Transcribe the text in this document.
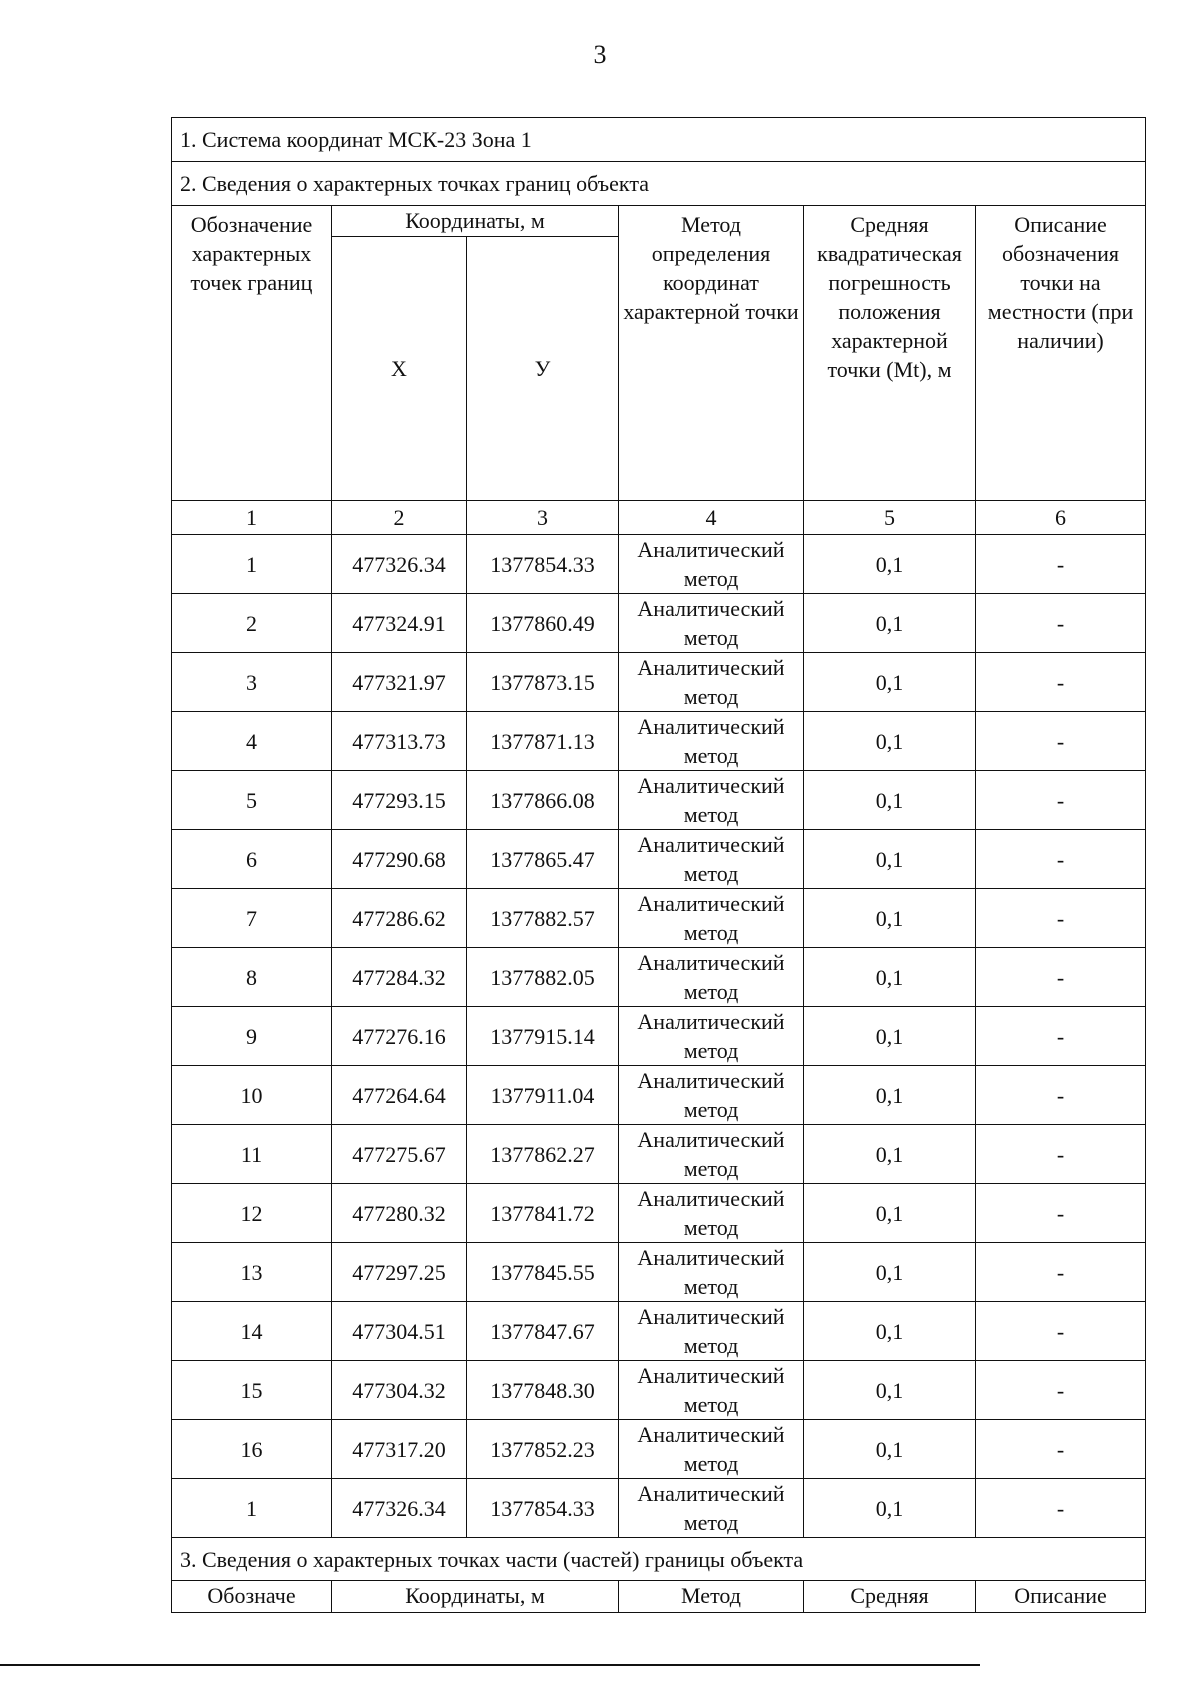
3
1. Система координат МСК-23 Зона 1					
2. Сведения о характерных точках границ объекта					
Обозначение характерных точек границ	Координаты, м		Метод определения координат характерной точки	Средняя квадратическая погрешность положения характерной точки (Mt), м	Описание обозначения точки на местности (при наличии)
	Х	У			
1	2	3	4	5	6
1	477326.34	1377854.33	Аналитический метод	0,1	-
2	477324.91	1377860.49	Аналитический метод	0,1	-
3	477321.97	1377873.15	Аналитический метод	0,1	-
4	477313.73	1377871.13	Аналитический метод	0,1	-
5	477293.15	1377866.08	Аналитический метод	0,1	-
6	477290.68	1377865.47	Аналитический метод	0,1	-
7	477286.62	1377882.57	Аналитический метод	0,1	-
8	477284.32	1377882.05	Аналитический метод	0,1	-
9	477276.16	1377915.14	Аналитический метод	0,1	-
10	477264.64	1377911.04	Аналитический метод	0,1	-
11	477275.67	1377862.27	Аналитический метод	0,1	-
12	477280.32	1377841.72	Аналитический метод	0,1	-
13	477297.25	1377845.55	Аналитический метод	0,1	-
14	477304.51	1377847.67	Аналитический метод	0,1	-
15	477304.32	1377848.30	Аналитический метод	0,1	-
16	477317.20	1377852.23	Аналитический метод	0,1	-
1	477326.34	1377854.33	Аналитический метод	0,1	-
3. Сведения о характерных точках части (частей) границы объекта					
Обозначе	Координаты, м		Метод	Средняя	Описание
